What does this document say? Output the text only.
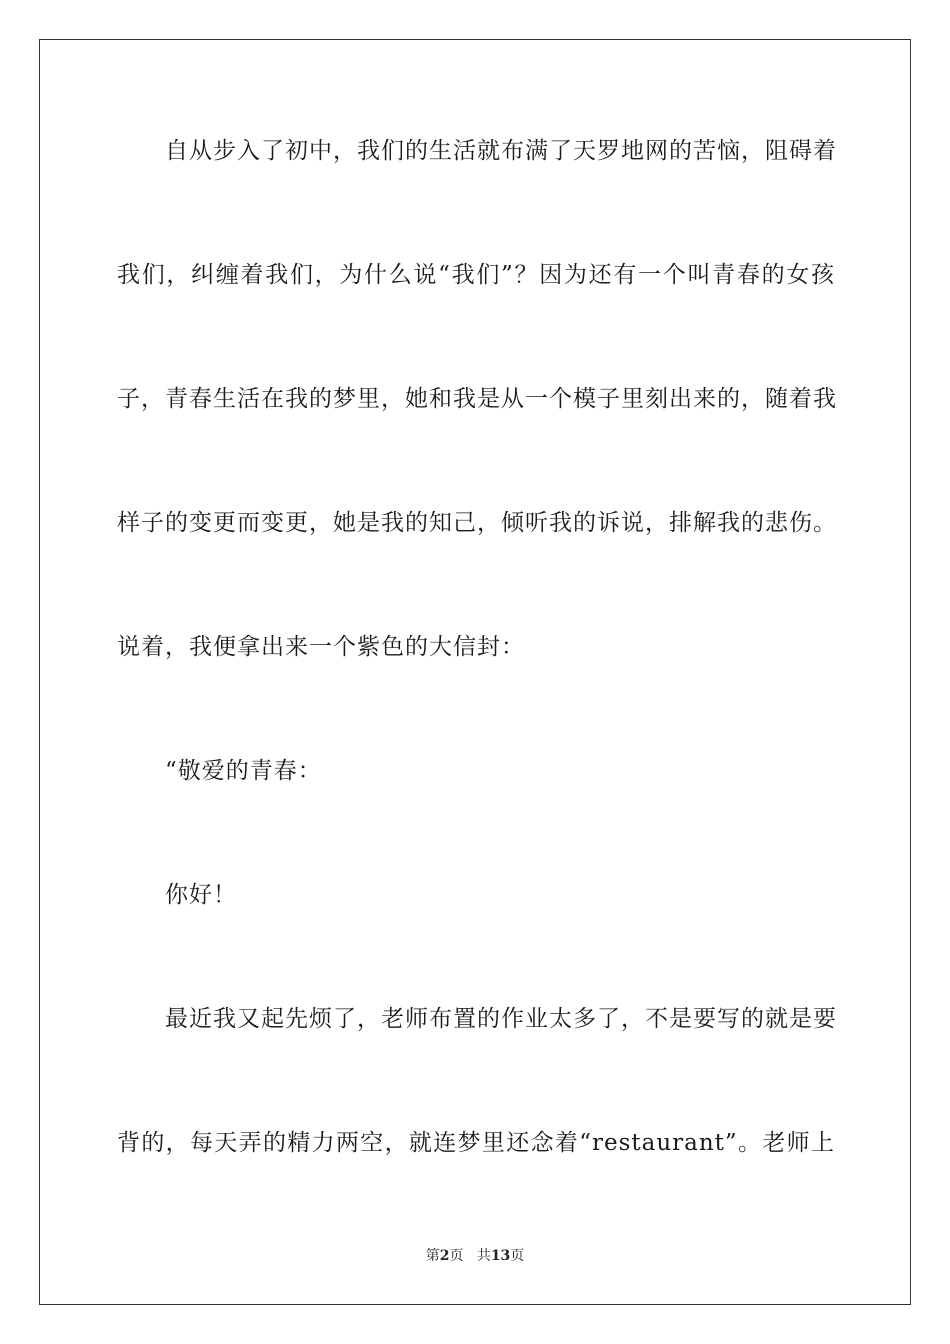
自从步入了初中，我们的生活就布满了天罗地网的苦恼，阻碍着
我们，纠缠着我们，为什么说“我们”？因为还有一个叫青春的女孩
子，青春生活在我的梦里，她和我是从一个模子里刻出来的，随着我
样子的变更而变更，她是我的知己，倾听我的诉说，排解我的悲伤。
说着，我便拿出来一个紫色的大信封：
“敬爱的青春：
你好！
最近我又起先烦了，老师布置的作业太多了，不是要写的就是要
背的，每天弄的精力两空，就连梦里还念着“restaurant”。老师上
第2页 共13页
